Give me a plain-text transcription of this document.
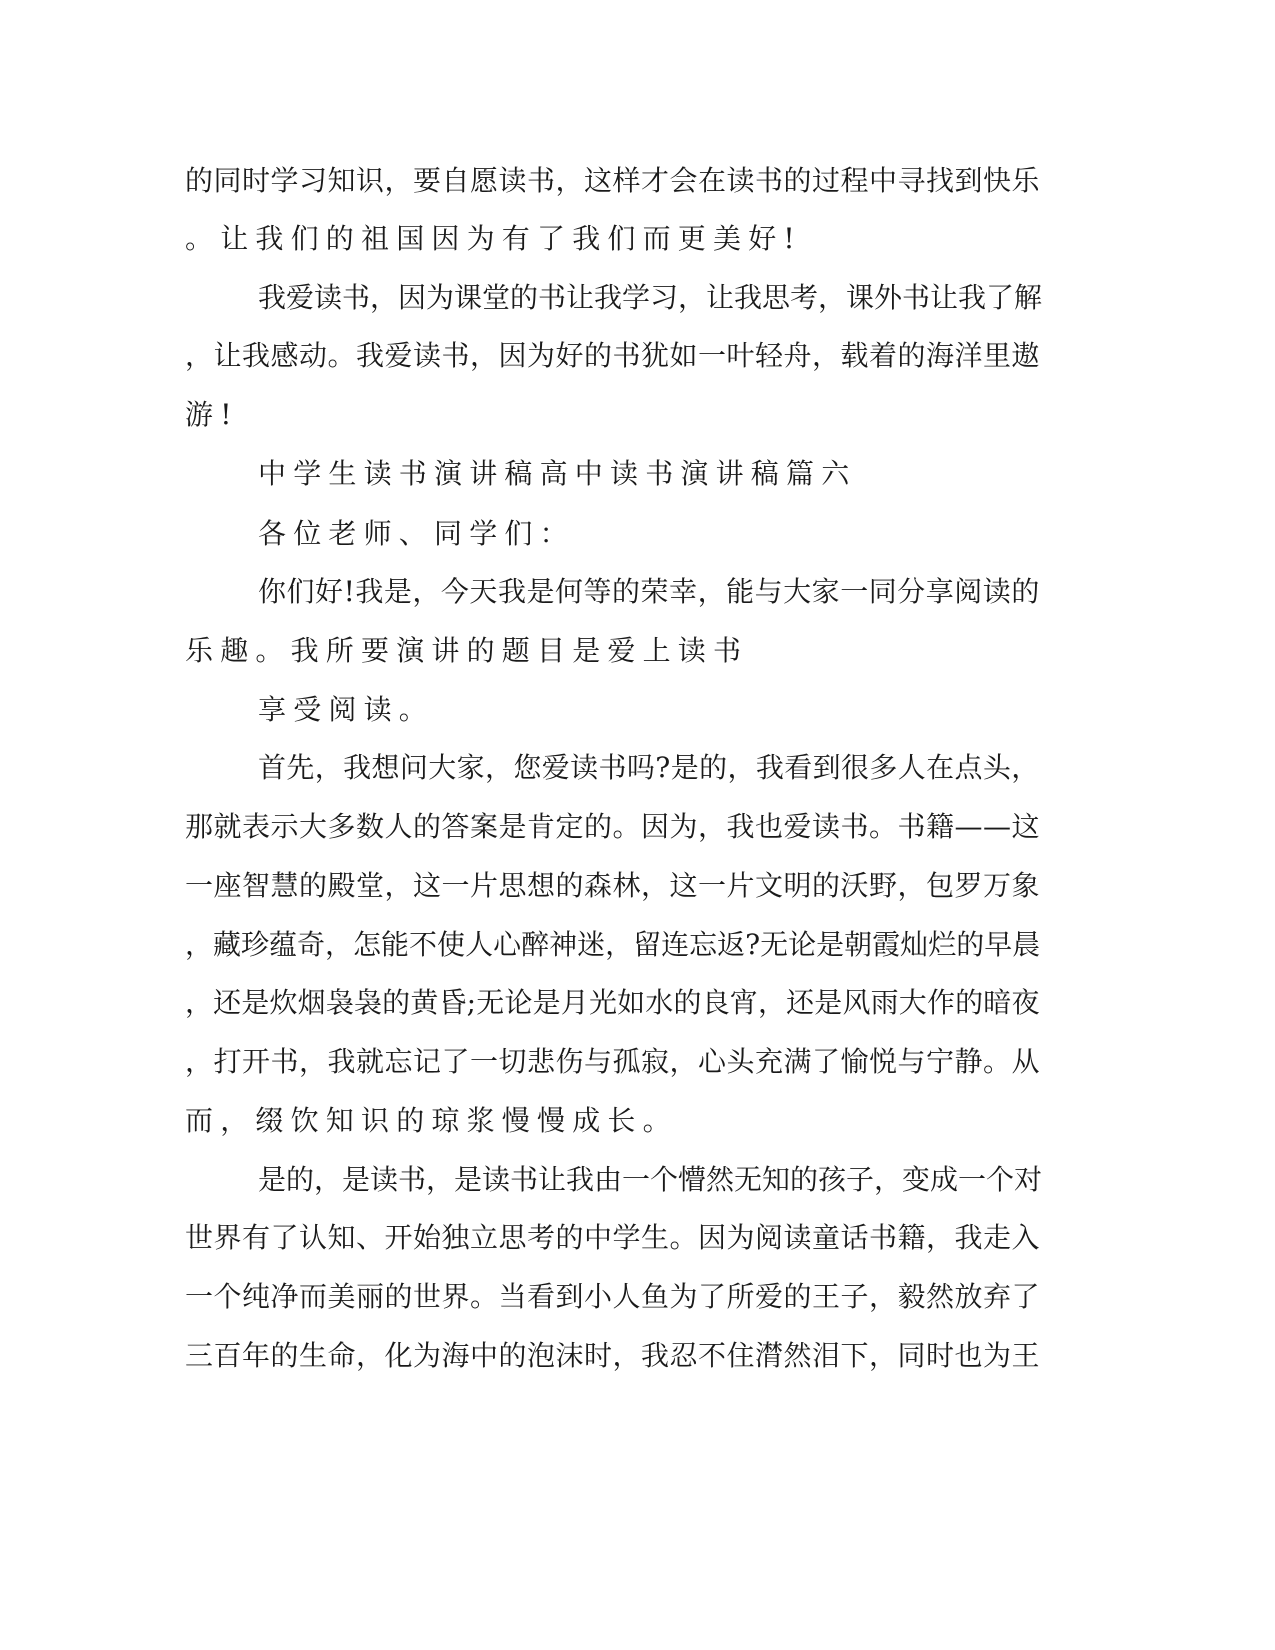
的同时学习知识，要自愿读书，这样才会在读书的过程中寻找到快乐
。让我们的祖国因为有了我们而更美好!
我爱读书，因为课堂的书让我学习，让我思考，课外书让我了解
，让我感动。我爱读书，因为好的书犹如一叶轻舟，载着的海洋里遨
游!
中学生读书演讲稿高中读书演讲稿篇六
各位老师、同学们：
你们好!我是，今天我是何等的荣幸，能与大家一同分享阅读的
乐趣。我所要演讲的题目是爱上读书
享受阅读。
首先，我想问大家，您爱读书吗?是的，我看到很多人在点头，
那就表示大多数人的答案是肯定的。因为，我也爱读书。书籍——这
一座智慧的殿堂，这一片思想的森林，这一片文明的沃野，包罗万象
，藏珍蕴奇，怎能不使人心醉神迷，留连忘返?无论是朝霞灿烂的早晨
，还是炊烟袅袅的黄昏;无论是月光如水的良宵，还是风雨大作的暗夜
，打开书，我就忘记了一切悲伤与孤寂，心头充满了愉悦与宁静。从
而，缀饮知识的琼浆慢慢成长。
是的，是读书，是读书让我由一个懵然无知的孩子，变成一个对
世界有了认知、开始独立思考的中学生。因为阅读童话书籍，我走入
一个纯净而美丽的世界。当看到小人鱼为了所爱的王子，毅然放弃了
三百年的生命，化为海中的泡沫时，我忍不住潸然泪下，同时也为王
